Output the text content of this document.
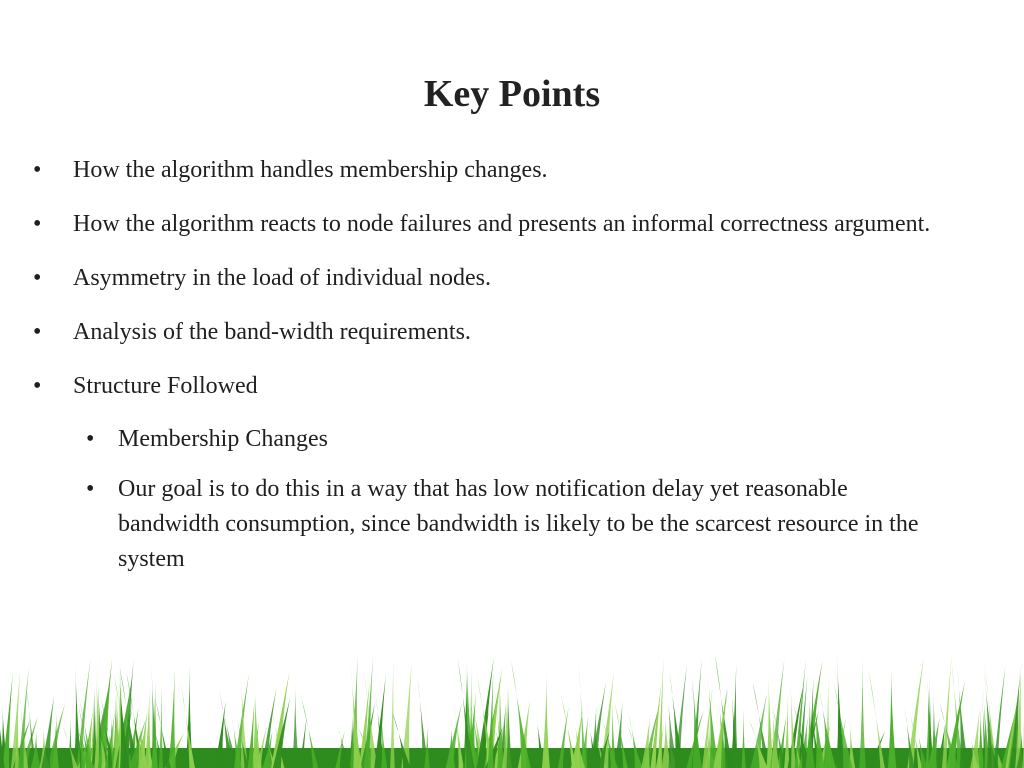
Key Points
• How the algorithm handles membership changes.
• How the algorithm reacts to node failures and presents an informal correctness argument.
• Asymmetry in the load of individual nodes.
• Analysis of the band-width requirements.
• Structure Followed
• Membership Changes
• Our goal is to do this in a way that has low notification delay yet reasonable bandwidth consumption, since bandwidth is likely to be the scarcest resource in the system
